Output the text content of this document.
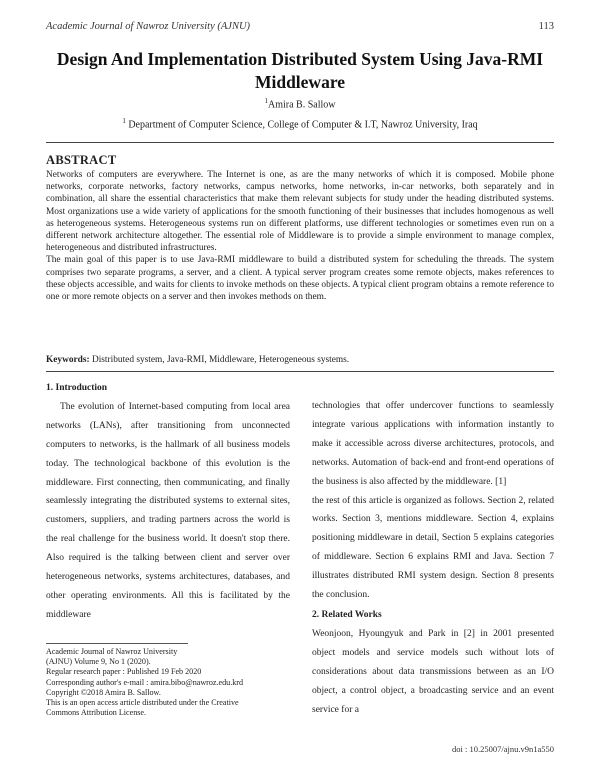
Academic Journal of Nawroz University (AJNU)	113
Design And Implementation Distributed System Using Java-RMI Middleware
$^1$Amira B. Sallow
$^1$ Department of Computer Science, College of Computer & I.T, Nawroz University, Iraq
ABSTRACT

Networks of computers are everywhere. The Internet is one, as are the many networks of which it is composed. Mobile phone networks, corporate networks, factory networks, campus networks, home networks, in-car networks, both separately and in combination, all share the essential characteristics that make them relevant subjects for study under the heading distributed systems. Most organizations use a wide variety of applications for the smooth functioning of their businesses that includes homogenous as well as heterogeneous systems. Heterogeneous systems run on different platforms, use different technologies or sometimes even run on a different network architecture altogether. The essential role of Middleware is to provide a simple environment to manage complex, heterogeneous and distributed infrastructures.

The main goal of this paper is to use Java-RMI middleware to build a distributed system for scheduling the threads. The system comprises two separate programs, a server, and a client. A typical server program creates some remote objects, makes references to these objects accessible, and waits for clients to invoke methods on these objects. A typical client program obtains a remote reference to one or more remote objects on a server and then invokes methods on them.

Keywords: Distributed system, Java-RMI, Middleware, Heterogeneous systems.

1. Introduction

The evolution of Internet-based computing from local area networks (LANs), after transitioning from unconnected computers to networks, is the hallmark of all business models today. The technological backbone of this evolution is the middleware. First connecting, then communicating, and finally seamlessly integrating the distributed systems to external sites, customers, suppliers, and trading partners across the world is the real challenge for the business world. It doesn't stop there. Also required is the talking between client and server over heterogeneous networks, systems architectures, databases, and other operating environments. All this is facilitated by the middleware

technologies that offer undercover functions to seamlessly integrate various applications with information instantly to make it accessible across diverse architectures, protocols, and networks. Automation of back-end and front-end operations of the business is also affected by the middleware. [1]

the rest of this article is organized as follows. Section 2, related works. Section 3, mentions middleware. Section 4, explains positioning middleware in detail, Section 5 explains categories of middleware. Section 6 explains RMI and Java. Section 7 illustrates distributed RMI system design. Section 8 presents the conclusion.

2. Related Works

Weonjoon, Hyoungyuk and Park in [2] in 2001 presented object models and service models such without lots of considerations about data transmissions between as an I/O object, a control object, a broadcasting service and an event service for a

Academic Journal of Nawroz University
(AJNU) Volume 9, No 1 (2020).
Regular research paper : Published 19 Feb 2020
Corresponding author's e-mail : amira.bibo@nawroz.edu.krd
Copyright ©2018 Amira B. Sallow.
This is an open access article distributed under the Creative
Commons Attribution License.
doi : 10.25007/ajnu.v9n1a550
